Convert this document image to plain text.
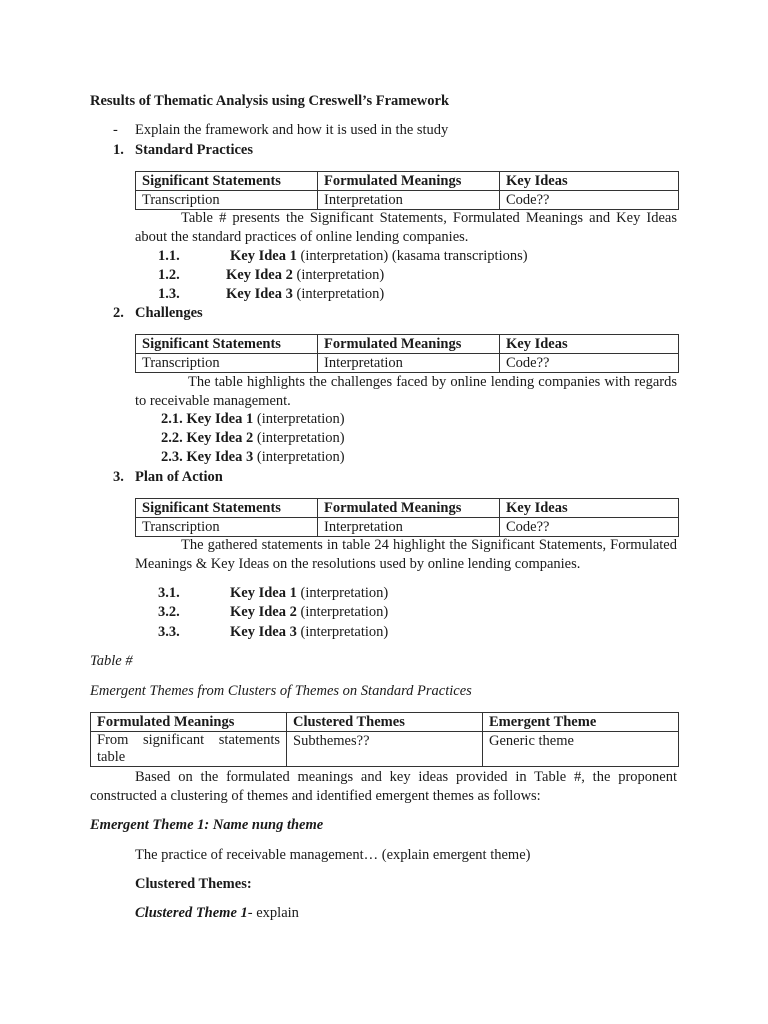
Results of Thematic Analysis using Creswell’s Framework
- Explain the framework and how it is used in the study
1. Standard Practices
Significant Statements	Formulated Meanings	Key Ideas
Transcription	Interpretation	Code??
Table # presents the Significant Statements, Formulated Meanings and Key Ideas about the standard practices of online lending companies.
1.1.	Key Idea 1 (interpretation) (kasama transcriptions)
1.2.	Key Idea 2 (interpretation)
1.3.	Key Idea 3 (interpretation)
2. Challenges
Significant Statements	Formulated Meanings	Key Ideas
Transcription	Interpretation	Code??
The table highlights the challenges faced by online lending companies with regards to receivable management.
2.1. Key Idea 1 (interpretation)
2.2. Key Idea 2 (interpretation)
2.3. Key Idea 3 (interpretation)
3. Plan of Action
Significant Statements	Formulated Meanings	Key Ideas
Transcription	Interpretation	Code??
The gathered statements in table 24 highlight the Significant Statements, Formulated Meanings & Key Ideas on the resolutions used by online lending companies.
3.1.	Key Idea 1 (interpretation)
3.2.	Key Idea 2 (interpretation)
3.3.	Key Idea 3 (interpretation)
Table #
Emergent Themes from Clusters of Themes on Standard Practices
Formulated Meanings	Clustered Themes	Emergent Theme
From significant statements table	Subthemes??	Generic theme
Based on the formulated meanings and key ideas provided in Table #, the proponent constructed a clustering of themes and identified emergent themes as follows:
Emergent Theme 1: Name nung theme
The practice of receivable management… (explain emergent theme)
Clustered Themes:
Clustered Theme 1- explain
